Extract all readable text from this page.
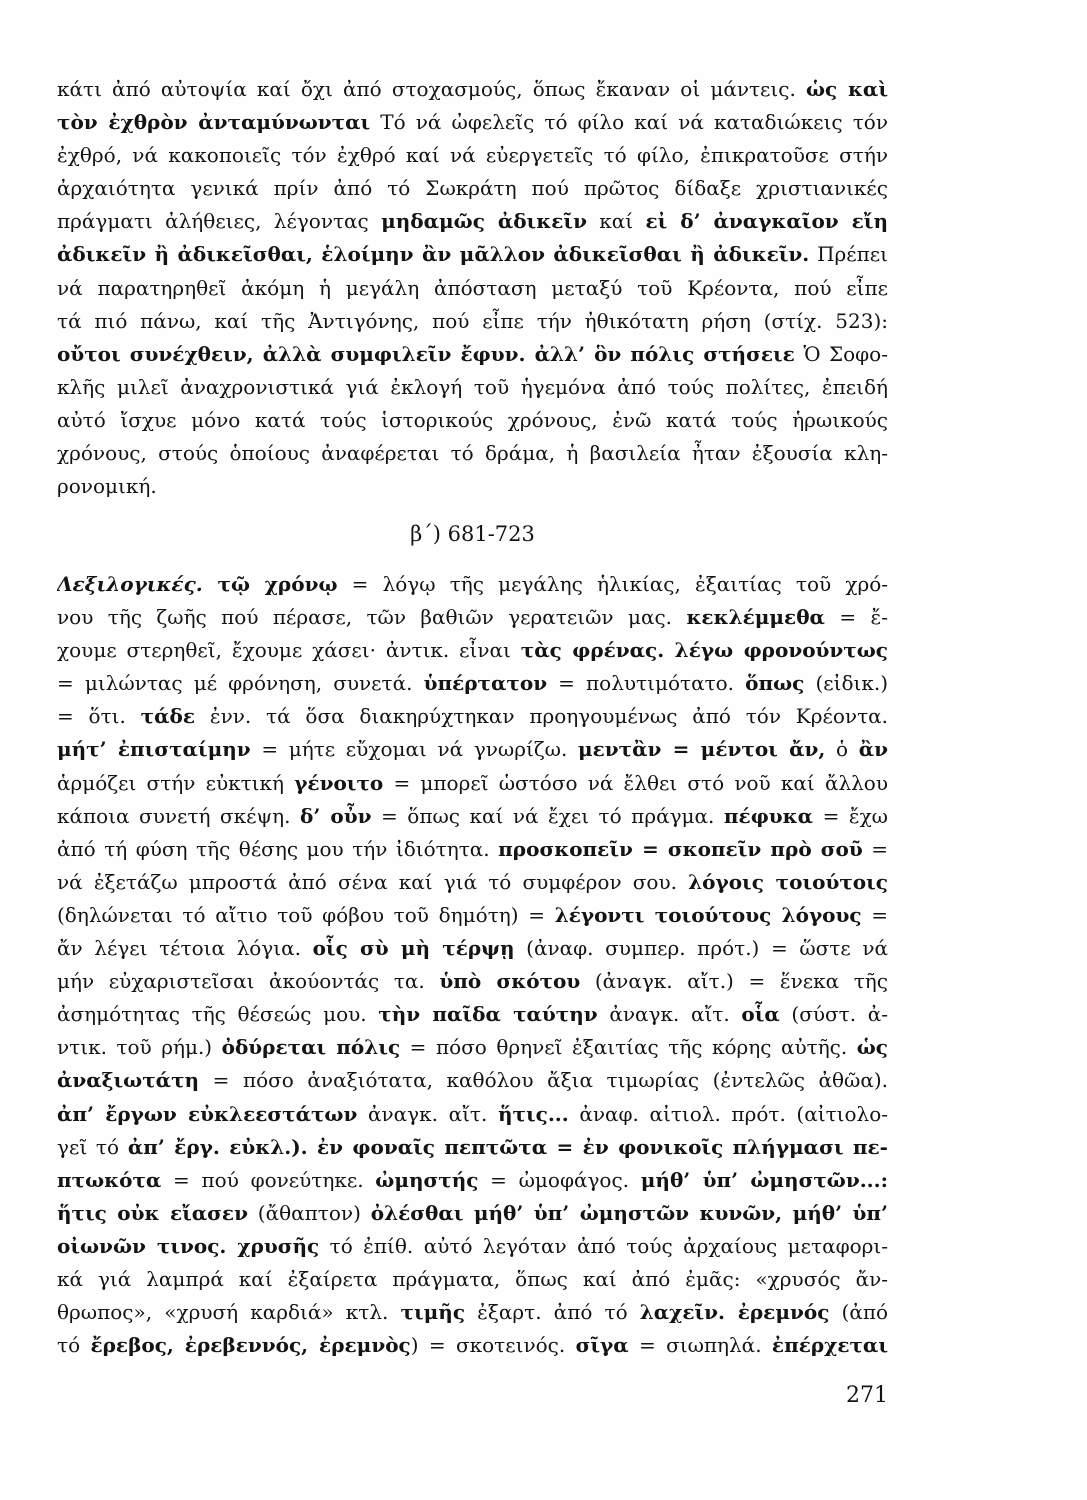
κάτι ἀπό αὐτοψία καί ὄχι ἀπό στοχασμούς, ὅπως ἔκαναν οἱ μάντεις. ὡς καὶ
τὸν ἐχθρὸν ἀνταμύνωνται Τό νά ὠφελεῖς τό φίλο καί νά καταδιώκεις τόν
ἐχθρό, νά κακοποιεῖς τόν ἐχθρό καί νά εὐεργετεῖς τό φίλο, ἐπικρατοῦσε στήν
ἀρχαιότητα γενικά πρίν ἀπό τό Σωκράτη πού πρῶτος δίδαξε χριστιανικές
πράγματι ἀλήθειες, λέγοντας μηδαμῶς ἀδικεῖν καί εἰ δ’ ἀναγκαῖον εἴη
ἀδικεῖν ἢ ἀδικεῖσθαι, ἑλοίμην ἂν μᾶλλον ἀδικεῖσθαι ἢ ἀδικεῖν. Πρέπει
νά παρατηρηθεῖ ἀκόμη ἡ μεγάλη ἀπόσταση μεταξύ τοῦ Κρέοντα, πού εἶπε
τά πιό πάνω, καί τῆς Ἀντιγόνης, πού εἶπε τήν ἠθικότατη ρήση (στίχ. 523):
οὔτοι συνέχθειν, ἀλλὰ συμφιλεῖν ἔφυν. ἀλλ’ ὃν πόλις στήσειε Ὁ Σοφο-
κλῆς μιλεῖ ἀναχρονιστικά γιά ἐκλογή τοῦ ἡγεμόνα ἀπό τούς πολίτες, ἐπειδή
αὐτό ἴσχυε μόνο κατά τούς ἱστορικούς χρόνους, ἐνῶ κατά τούς ἡρωικούς
χρόνους, στούς ὁποίους ἀναφέρεται τό δράμα, ἡ βασιλεία ἦταν ἐξουσία κλη-
ρονομική.
β΄) 681-723
Λεξιλογικές. τῷ χρόνῳ = λόγῳ τῆς μεγάλης ἡλικίας, ἐξαιτίας τοῦ χρό-
νου τῆς ζωῆς πού πέρασε, τῶν βαθιῶν γερατειῶν μας. κεκλέμμεθα = ἔ-
χουμε στερηθεῖ, ἔχουμε χάσει· ἀντικ. εἶναι τὰς φρένας. λέγω φρονούντως
= μιλώντας μέ φρόνηση, συνετά. ὑπέρτατον = πολυτιμότατο. ὅπως (εἰδικ.)
= ὅτι. τάδε ἐνν. τά ὅσα διακηρύχτηκαν προηγουμένως ἀπό τόν Κρέοντα.
μήτ’ ἐπισταίμην = μήτε εὔχομαι νά γνωρίζω. μεντἂν = μέντοι ἄν, ὁ ἂν
ἁρμόζει στήν εὐκτική γένοιτο = μπορεῖ ὡστόσο νά ἔλθει στό νοῦ καί ἄλλου
κάποια συνετή σκέψη. δ’ οὖν = ὅπως καί νά ἔχει τό πράγμα. πέφυκα = ἔχω
ἀπό τή φύση τῆς θέσης μου τήν ἰδιότητα. προσκοπεῖν = σκοπεῖν πρὸ σοῦ =
νά ἐξετάζω μπροστά ἀπό σένα καί γιά τό συμφέρον σου. λόγοις τοιούτοις
(δηλώνεται τό αἴτιο τοῦ φόβου τοῦ δημότη) = λέγοντι τοιούτους λόγους =
ἄν λέγει τέτοια λόγια. οἷς σὺ μὴ τέρψῃ (ἀναφ. συμπερ. πρότ.) = ὥστε νά
μήν εὐχαριστεῖσαι ἀκούοντάς τα. ὑπὸ σκότου (ἀναγκ. αἴτ.) = ἕνεκα τῆς
ἀσημότητας τῆς θέσεώς μου. τὴν παῖδα ταύτην ἀναγκ. αἴτ. οἷα (σύστ. ἀ-
ντικ. τοῦ ρήμ.) ὀδύρεται πόλις = πόσο θρηνεῖ ἐξαιτίας τῆς κόρης αὐτῆς. ὡς
ἀναξιωτάτη = πόσο ἀναξιότατα, καθόλου ἄξια τιμωρίας (ἐντελῶς ἀθῶα).
ἀπ’ ἔργων εὐκλεεστάτων ἀναγκ. αἴτ. ἥτις... ἀναφ. αἰτιολ. πρότ. (αἰτιολο-
γεῖ τό ἀπ’ ἔργ. εὐκλ.). ἐν φοναῖς πεπτῶτα = ἐν φονικοῖς πλήγμασι πε-
πτωκότα = πού φονεύτηκε. ὠμηστής = ὠμοφάγος. μήθ’ ὑπ’ ὠμηστῶν...:
ἥτις οὐκ εἴασεν (ἄθαπτον) ὀλέσθαι μήθ’ ὑπ’ ὠμηστῶν κυνῶν, μήθ’ ὑπ’
οἰωνῶν τινος. χρυσῆς τό ἐπίθ. αὐτό λεγόταν ἀπό τούς ἀρχαίους μεταφορι-
κά γιά λαμπρά καί ἐξαίρετα πράγματα, ὅπως καί ἀπό ἐμᾶς: «χρυσός ἄν-
θρωπος», «χρυσή καρδιά» κτλ. τιμῆς ἐξαρτ. ἀπό τό λαχεῖν. ἐρεμνός (ἀπό
τό ἔρεβος, ἐρεβεννός, ἐρεμνὸς) = σκοτεινός. σῖγα = σιωπηλά. ἐπέρχεται
271
